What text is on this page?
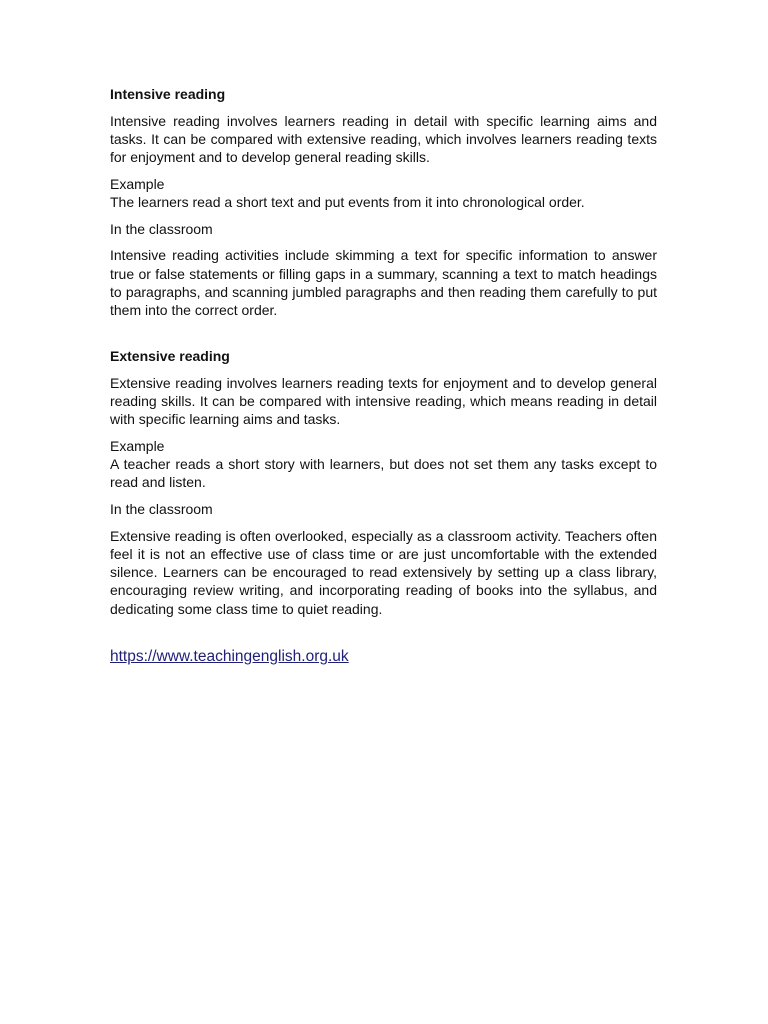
Intensive reading

Intensive reading involves learners reading in detail with specific learning aims and tasks. It can be compared with extensive reading, which involves learners reading texts for enjoyment and to develop general reading skills.

Example
The learners read a short text and put events from it into chronological order.

In the classroom

Intensive reading activities include skimming a text for specific information to answer true or false statements or filling gaps in a summary, scanning a text to match headings to paragraphs, and scanning jumbled paragraphs and then reading them carefully to put them into the correct order.

Extensive reading

Extensive reading involves learners reading texts for enjoyment and to develop general reading skills. It can be compared with intensive reading, which means reading in detail with specific learning aims and tasks.

Example
A teacher reads a short story with learners, but does not set them any tasks except to read and listen.

In the classroom

Extensive reading is often overlooked, especially as a classroom activity. Teachers often feel it is not an effective use of class time or are just uncomfortable with the extended silence. Learners can be encouraged to read extensively by setting up a class library, encouraging review writing, and incorporating reading of books into the syllabus, and dedicating some class time to quiet reading.

https://www.teachingenglish.org.uk
